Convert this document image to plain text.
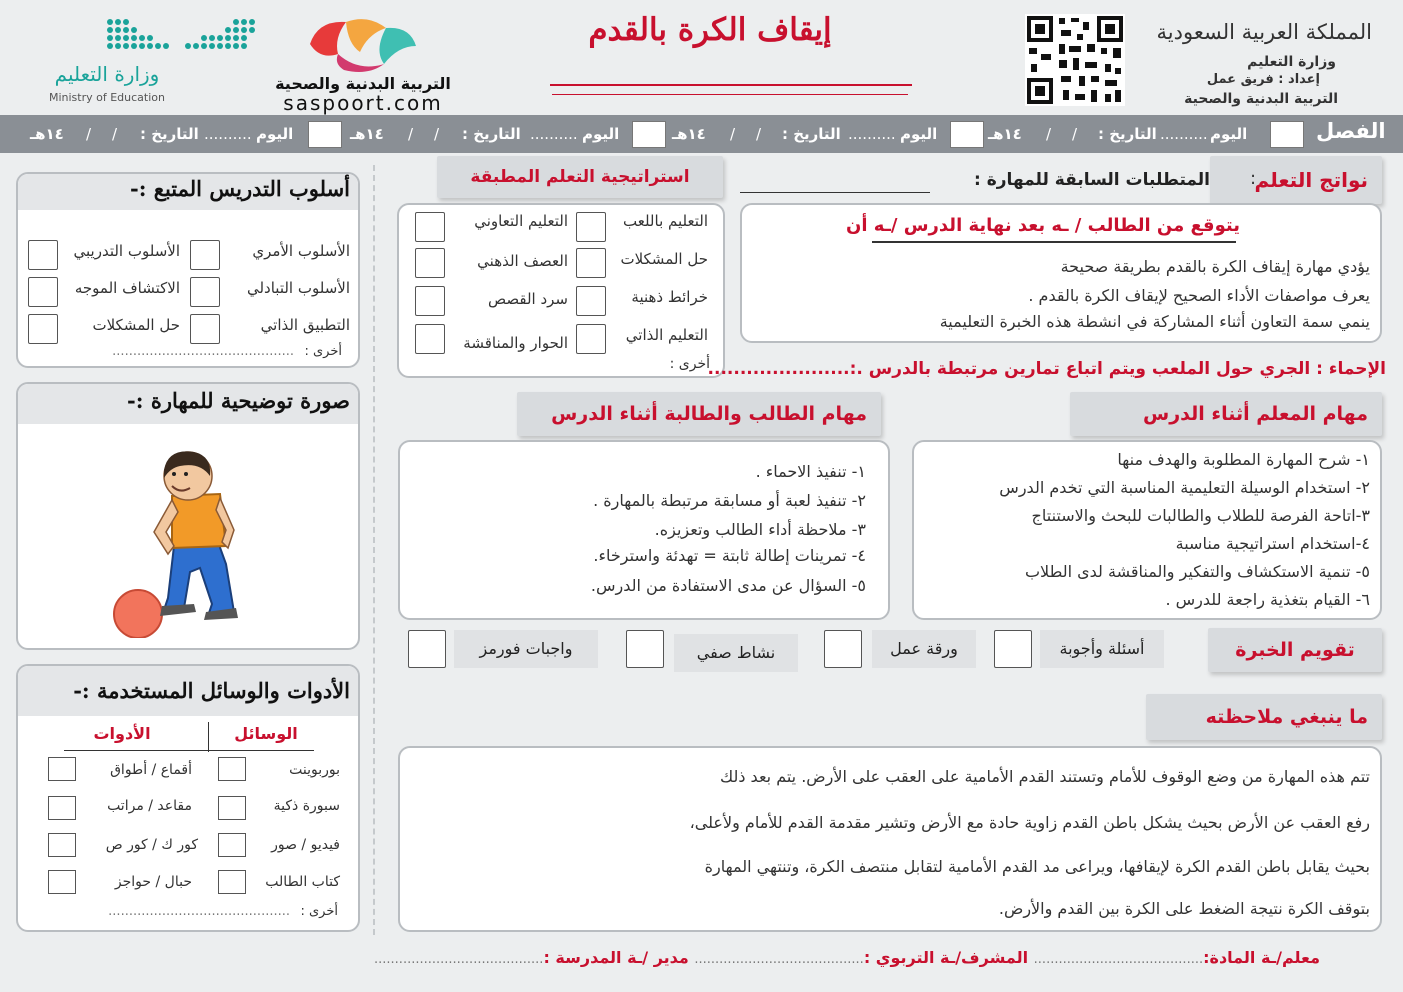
المملكة العربية السعودية
وزارة التعليم
إعداد : فريق عمل
التربية البدنية والصحية
إيقاف الكرة بالقدم
التربية البدنية والصحية
saspoort.com
وزارة التعليم
Ministry of Education
الفصل
اليوم
..........
التاريخ :
/
/
١٤هـ
اليوم
..........
التاريخ :
/
/
١٤هـ
اليوم
..........
التاريخ :
/
/
١٤هـ
اليوم
..........
التاريخ :
/
/
١٤هـ
نواتج التعلم
:
المتطلبات السابقة للمهارة :
يتوقع من الطالب / ـه بعد نهاية الدرس /ـه أن
يؤدي مهارة إيقاف الكرة بالقدم بطريقة صحيحة
يعرف مواصفات الأداء الصحيح لإيقاف الكرة بالقدم .
ينمي سمة التعاون أثناء المشاركة في انشطة هذه الخبرة التعليمية
استراتيجية التعلم المطبقة
التعليم باللعب
التعليم التعاوني
حل المشكلات
العصف الذهني
خرائط ذهنية
سرد القصص
التعليم الذاتي
الحوار والمناقشة
أخرى :	الإحماء : الجري حول الملعب ويتم اتباع تمارين مرتبطة بالدرس .:......................
مهام المعلم أثناء الدرس
١- شرح المهارة المطلوبة والهدف منها
٢- استخدام الوسيلة التعليمية المناسبة التي تخدم الدرس
٣-اتاحة الفرصة للطلاب والطالبات للبحث والاستنتاج
٤-استخدام استراتيجية مناسبة
٥- تنمية الاستكشاف والتفكير والمناقشة لدى الطلاب
٦- القيام بتغذية راجعة للدرس .
مهام الطالب والطالبة أثناء الدرس
١- تنفيذ الاحماء .
٢- تنفيذ لعبة أو مسابقة مرتبطة بالمهارة .
٣- ملاحظة أداء الطالب وتعزيزه.
٤- تمرينات إطالة ثابتة = تهدئة واسترخاء.
٥- السؤال عن مدى الاستفادة من الدرس.
تقويم الخبرة
أسئلة وأجوبة
ورقة عمل
نشاط صفي
واجبات فورمز
ما ينبغي ملاحظته
تتم هذه المهارة من وضع الوقوف للأمام وتستند القدم الأمامية على العقب على الأرض. يتم بعد ذلك
رفع العقب عن الأرض بحيث يشكل باطن القدم زاوية حادة مع الأرض وتشير مقدمة القدم للأمام ولأعلى،
بحيث يقابل باطن القدم الكرة لإيقافها، ويراعى مد القدم الأمامية لتقابل منتصف الكرة، وتنتهي المهارة
بتوقف الكرة نتيجة الضغط على الكرة بين القدم والأرض.
معلم/ـة المادة:......................................... المشرف/ـة التربوي :......................................... مدير /ـة المدرسة :.........................................
أسلوب التدريس المتبع :-
الأسلوب الأمري
الأسلوب التدريبي
الأسلوب التبادلي
الاكتشاف الموجه
التطبيق الذاتي
حل المشكلات
أخرى :
............................................
صورة توضيحية للمهارة :-
الأدوات والوسائل المستخدمة :-
الوسائل
الأدوات
بوربوينت
أقماع / أطواق
سبورة ذكية
مقاعد / مراتب
فيديو / صور
كور ك / كور ص
كتاب الطالب
حبال / حواجز
أخرى :
............................................
